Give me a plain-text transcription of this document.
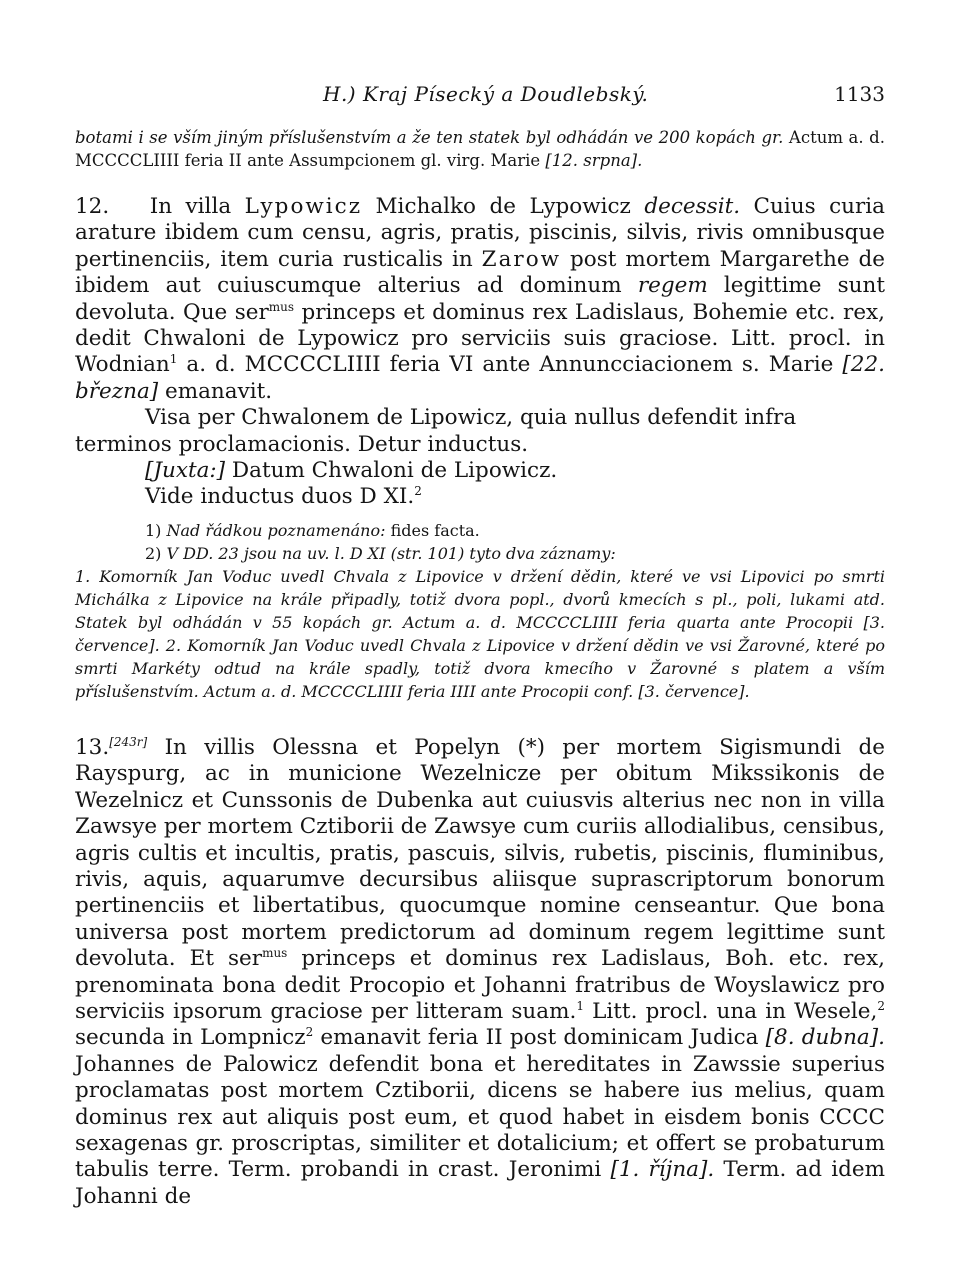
H.) Kraj Písecký a Doudlebský.	1133
botami i se vším jiným příslušenstvím a že ten statek byl odhádán ve 200 kopách gr. Actum a. d. MCCCCLIIII feria II ante Assumpcionem gl. virg. Marie [12. srpna].
12. In villa Lypowicz Michalko de Lypowicz decessit. Cuius curia arature ibidem cum censu, agris, pratis, piscinis, silvis, rivis omnibusque pertinenciis, item curia rusticalis in Zarow post mortem Margarethe de ibidem aut cuiuscumque alterius ad dominum regem legittime sunt devoluta. Que ser$^{mus}$ princeps et dominus rex Ladislaus, Bohemie etc. rex, dedit Chwaloni de Lypowicz pro serviciis suis graciose. Litt. procl. in Wodnian$^1$ a. d. MCCCCLIIII feria VI ante Annuncciacionem s. Marie [22. března] emanavit.

Visa per Chwalonem de Lipowicz, quia nullus defendit infra terminos proclamacionis. Detur inductus.

[Juxta:] Datum Chwaloni de Lipowicz.

Vide inductus duos D XI.$^2$

1) Nad řádkou poznamenáno: fides facta.
2) V DD. 23 jsou na uv. l. D XI (str. 101) tyto dva záznamy:
1. Komorník Jan Voduc uvedl Chvala z Lipovice v držení dědin, které ve vsi Lipovici po smrti Michálka z Lipovice na krále připadly, totiž dvora popl., dvorů kmecích s pl., poli, lukami atd. Statek byl odhádán v 55 kopách gr. Actum a. d. MCCCCLIIII feria quarta ante Procopii [3. července]. 2. Komorník Jan Voduc uvedl Chvala z Lipovice v držení dědin ve vsi Žarovné, které po smrti Markéty odtud na krále spadly, totiž dvora kmecího v Žarovné s platem a vším příslušenstvím. Actum a. d. MCCCCLIIII feria IIII ante Procopii conf. [3. července].
13.[243r] In villis Olessna et Popelyn (*) per mortem Sigismundi de Rayspurg, ac in municione Wezelnicze per obitum Mikssikonis de Wezelnicz et Cunssonis de Dubenka aut cuiusvis alterius nec non in villa Zawsye per mortem Cztiborii de Zawsye cum curiis allodialibus, censibus, agris cultis et incultis, pratis, pascuis, silvis, rubetis, piscinis, fluminibus, rivis, aquis, aquarumve decursibus aliisque suprascriptorum bonorum pertinenciis et libertatibus, quocumque nomine censeantur. Que bona universa post mortem predictorum ad dominum regem legittime sunt devoluta. Et ser$^{mus}$ princeps et dominus rex Ladislaus, Boh. etc. rex, prenominata bona dedit Procopio et Johanni fratribus de Woyslawicz pro serviciis ipsorum graciose per litteram suam.$^1$ Litt. procl. una in Wesele,$^2$ secunda in Lompnicz$^2$ emanavit feria II post dominicam Judica [8. dubna]. Johannes de Palowicz defendit bona et hereditates in Zawssie superius proclamatas post mortem Cztiborii, dicens se habere ius melius, quam dominus rex aut aliquis post eum, et quod habet in eisdem bonis CCCC sexagenas gr. proscriptas, similiter et dotalicium; et offert se probaturum tabulis terre. Term. probandi in crast. Jeronimi [1. října]. Term. ad idem Johanni de
